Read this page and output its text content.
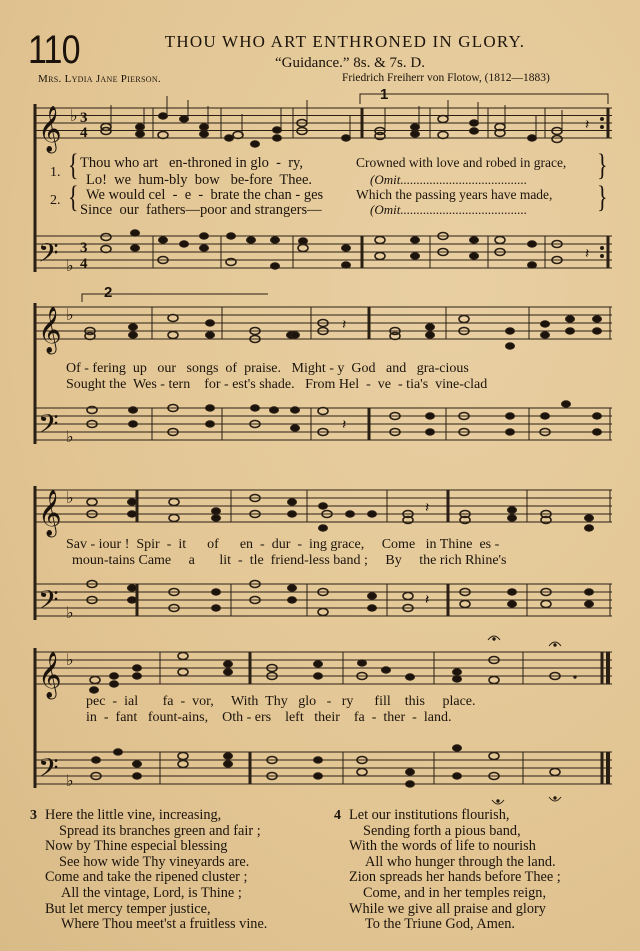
110	THOU WHO ART ENTHRONED IN GLORY.
“Guidance.” 8s. & 7s. D.
Mrs. Lydia Jane Pierson.	Friedrich Freiherr von Flotow, (1812—1883)
𝄽
𝄽
𝄽
𝄽
𝄽
𝄽
𝄞
𝄢
♭
♭
3
4
3
4
𝄞
𝄢
♭
♭
𝄞
𝄢
♭
♭
𝄞
𝄢
♭
♭
1
2
1.
2.
{
{
}
}
Thou who art   en-throned in glo  -  ry,
Lo!  we  hum-bly  bow   be-fore  Thee.
We would cel  -  e  -  brate the chan - ges
Since  our  fathers—poor and strangers—
Crowned with love and robed in grace,
(Omit.......................................
Which the passing years have made,
(Omit.......................................
Of - fering  up   our   songs  of  praise.   Might - y  God   and   gra-cious
Sought the  Wes - tern    for - est's shade.   From Hel  -  ve  - tia's  vine-clad
Sav - iour !  Spir  -  it      of      en  -  dur  -  ing grace,     Come   in Thine  es -
moun-tains Came     a       lit  -  tle  friend-less band ;     By     the rich Rhine's
pec  -  ial       fa  -  vor,     With  Thy   glo   -   ry      fill    this     place.
in  -  fant   fount-ains,    Oth - ers    left   their    fa  -  ther  -  land.
3 Here the little vine, increasing,
Spread its branches green and fair ;
Now by Thine especial blessing
See how wide Thy vineyards are.
Come and take the ripened cluster ;
All the vintage, Lord, is Thine ;
But let mercy temper justice,
Where Thou meet'st a fruitless vine.
4 Let our institutions flourish,
Sending forth a pious band,
With the words of life to nourish
All who hunger through the land.
Zion spreads her hands before Thee ;
Come, and in her temples reign,
While we give all praise and glory
To the Triune God, Amen.
